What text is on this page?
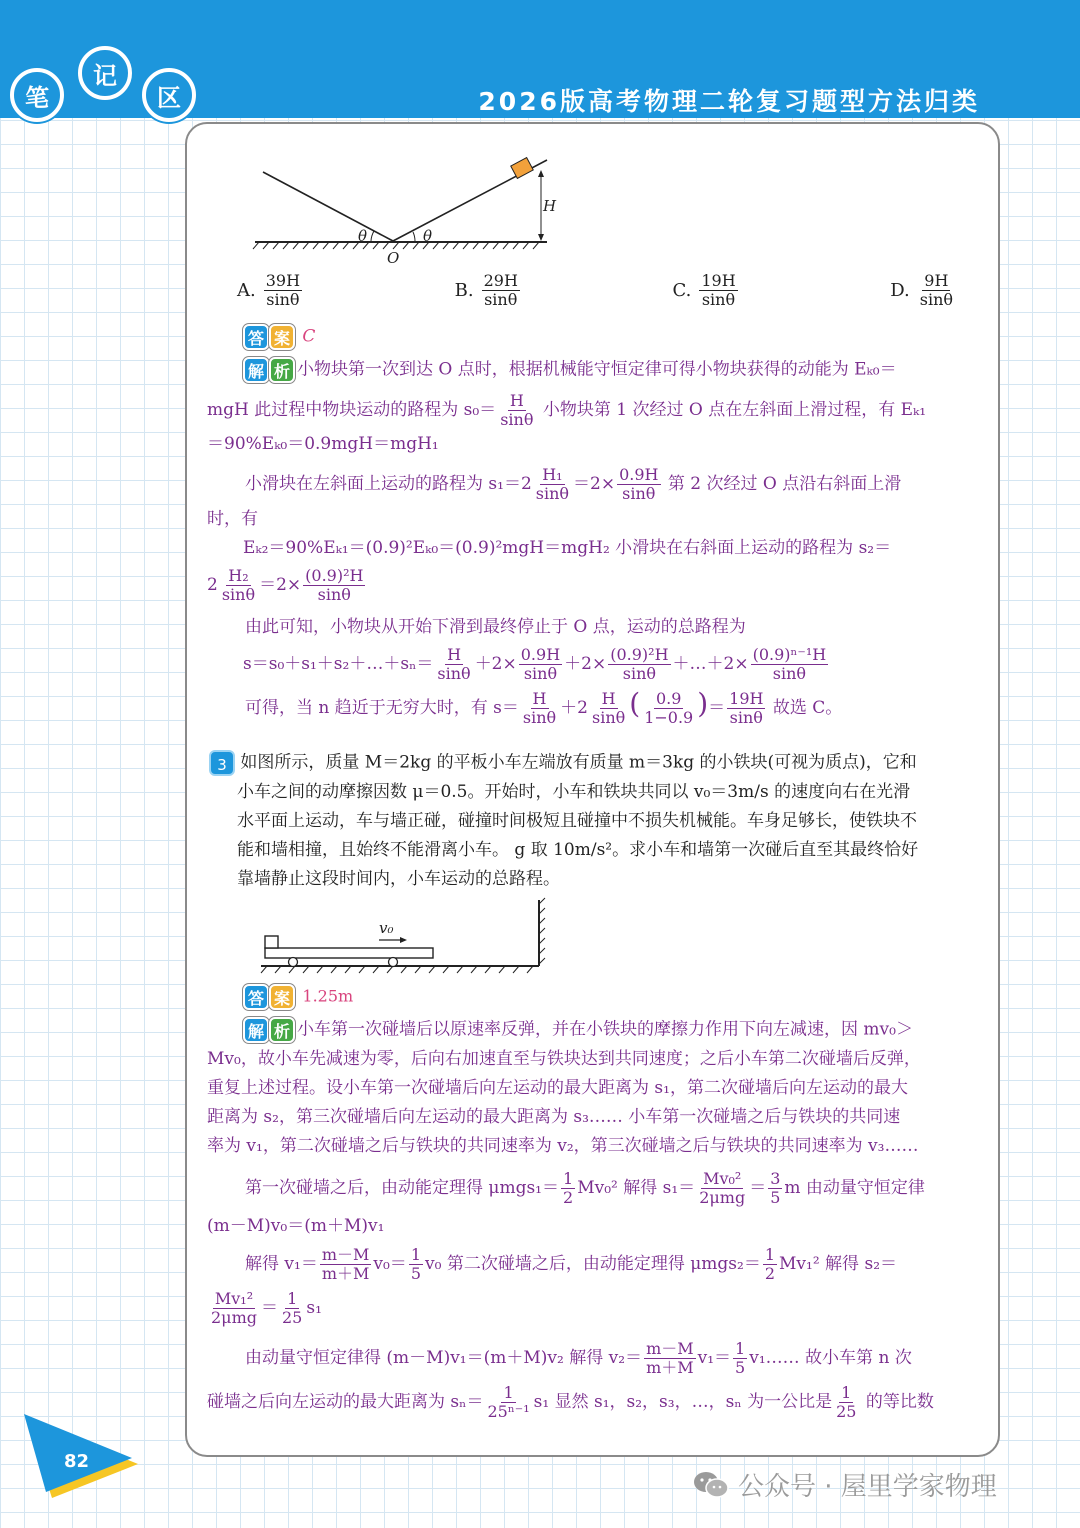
2026版高考物理二轮复习题型方法归类
笔
记
区
θ	θ
O
H
A. $\frac{39H}{\sin\theta}$	B. $\frac{29H}{\sin\theta}$	C. $\frac{19H}{\sin\theta}$	D. $\frac{9H}{\sin\theta}$
答 案 C
解 析 小物块第一次到达 O 点时，根据机械能守恒定律可得小物块获得的动能为 Eₖ₀＝
mgH 此过程中物块运动的路程为 $s_0= \frac{H}{\sin\theta}$ 小物块第 1 次经过 O 点在左斜面上滑过程，有 Eₖ₁
＝90%Eₖ₀＝0.9mgH＝mgH₁
小滑块在左斜面上运动的路程为 $s_1=2 \frac{\text{H₁}}{\sin\theta} =2\times \frac{0.9H}{\sin\theta}$ 第 2 次经过 O 点沿右斜面上滑
时，有
Eₖ₂＝90%Eₖ₁＝(0.9)²Eₖ₀＝(0.9)²mgH＝mgH₂ 小滑块在右斜面上运动的路程为 s₂＝
$2 \frac{\text{H₂}}{\sin\theta} =2\times \frac{\text{(0.9)²H}}{\sin\theta}$
由此可知，小物块从开始下滑到最终停止于 O 点，运动的总路程为
s＝s₀＋s₁＋s₂＋…＋sₙ＝ $\frac{H}{\sin\theta} +2\times \frac{0.9H}{\sin\theta} +2\times \frac{\text{(0.9)²H}}{\sin\theta}$ ＋…＋2× $\frac{\text{(0.9)ⁿ⁻¹H}}{\sin\theta}$
可得，当 n 趋近于无穷大时，有 $s= \frac{H}{\sin\theta} +2 \frac{H}{\sin\theta}$ ( $\frac{0.9}{1-0.9}$ )＝ $\frac{19H}{\sin\theta}$ 故选 C。
3 如图所示，质量 M＝2kg 的平板小车左端放有质量 m＝3kg 的小铁块(可视为质点)，它和
小车之间的动摩擦因数 μ＝0.5。开始时，小车和铁块共同以 v₀＝3m/s 的速度向右在光滑
水平面上运动，车与墙正碰，碰撞时间极短且碰撞中不损失机械能。车身足够长，使铁块不
能和墙相撞，且始终不能滑离小车。 g 取 10m/s²。求小车和墙第一次碰后直至其最终恰好
靠墙静止这段时间内，小车运动的总路程。
v₀
答 案 1.25m
解 析 小车第一次碰墙后以原速率反弹，并在小铁块的摩擦力作用下向左减速，因 mv₀＞
Mv₀，故小车先减速为零，后向右加速直至与铁块达到共同速度；之后小车第二次碰墙后反弹，
重复上述过程。设小车第一次碰墙后向左运动的最大距离为 s₁，第二次碰墙后向左运动的最大
距离为 s₂，第三次碰墙后向左运动的最大距离为 s₃…… 小车第一次碰墙之后与铁块的共同速
率为 v₁，第二次碰墙之后与铁块的共同速率为 v₂，第三次碰墙之后与铁块的共同速率为 v₃……
第一次碰墙之后，由动能定理得 $\mu mgs_1= \frac{1}{2} Mv_0^2$ 解得 $s_1= \frac{\text{Mv₀²}}{\text{2μmg}} = \frac{3}{5}$ m 由动量守恒定律
(m－M)v₀＝(m＋M)v₁
解得 $v_1= \frac{m-M}{m+M} v_0= \frac{1}{5} v_0$ 第二次碰墙之后，由动能定理得 $\mu mgs_2= \frac{1}{2} Mv_1^2$ 解得 s₂＝
$\frac{\text{Mv₁²}}{\text{2μmg}} = \frac{1}{25} s_1$
由动量守恒定律得 (m－M)v₁＝(m＋M)v₂ 解得 $v_2= \frac{m-M}{m+M} v_1= \frac{1}{5}$ v₁…… 故小车第 n 次
碰墙之后向左运动的最大距离为 $s_n= \frac{1}{\text{25ⁿ⁻¹}} s_1$ 显然 s₁，s₂，s₃，…，sₙ 为一公比是 $\frac{1}{25}$ 的等比数
82
公众号 · 屋里学家物理
